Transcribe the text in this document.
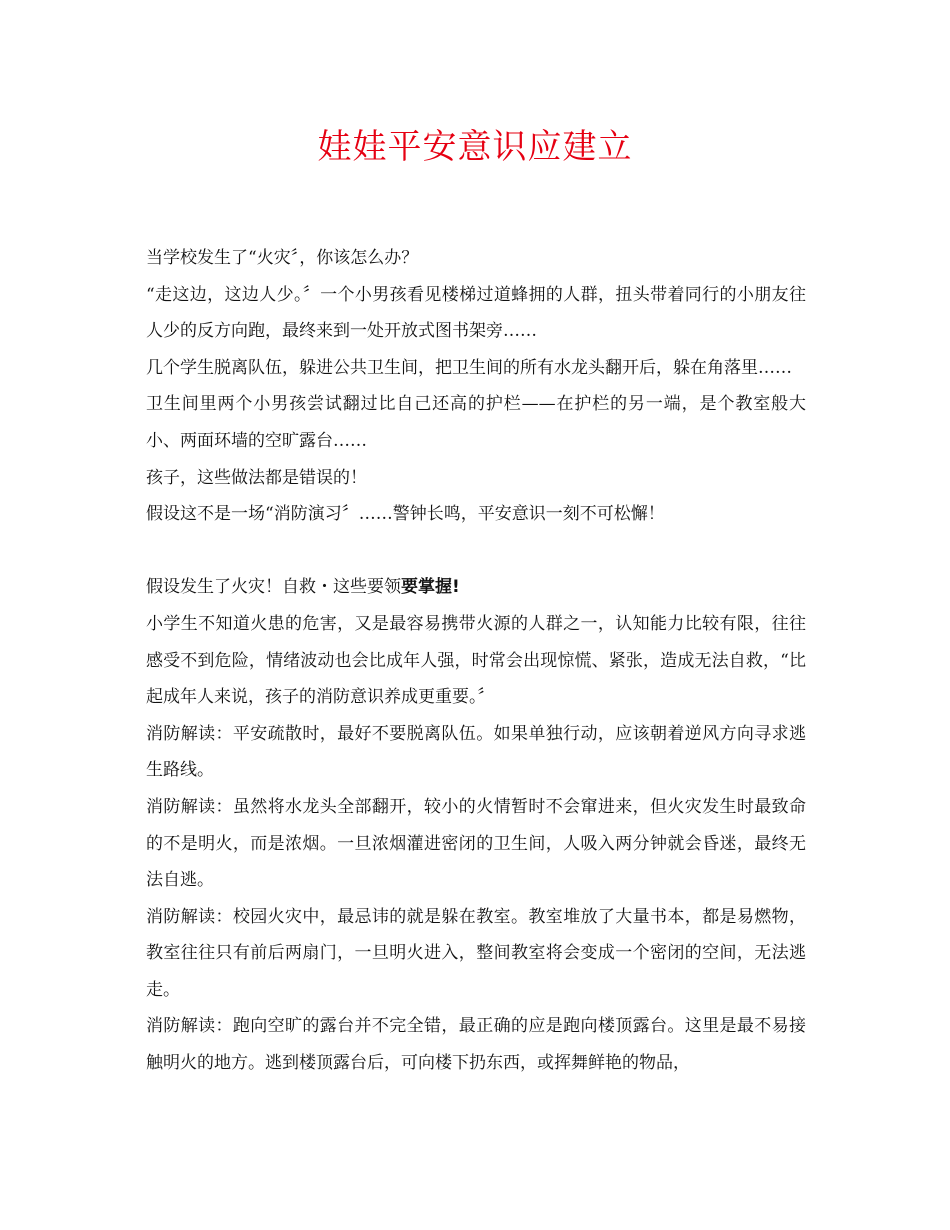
娃娃平安意识应建立

当学校发生了“火灾〞，你该怎么办？

“走这边，这边人少。〞一个小男孩看见楼梯过道蜂拥的人群，扭头带着同行的小朋友往人少的反方向跑，最终来到一处开放式图书架旁……

几个学生脱离队伍，躲进公共卫生间，把卫生间的所有水龙头翻开后，躲在角落里……

卫生间里两个小男孩尝试翻过比自己还高的护栏——在护栏的另一端，是个教室般大小、两面环墙的空旷露台……

孩子，这些做法都是错误的！

假设这不是一场“消防演习〞……警钟长鸣，平安意识一刻不可松懈！

假设发生了火灾！自救・这些要领要掌握!

小学生不知道火患的危害，又是最容易携带火源的人群之一，认知能力比较有限，往往感受不到危险，情绪波动也会比成年人强，时常会出现惊慌、紧张，造成无法自救，“比起成年人来说，孩子的消防意识养成更重要。〞

消防解读：平安疏散时，最好不要脱离队伍。如果单独行动，应该朝着逆风方向寻求逃生路线。

消防解读：虽然将水龙头全部翻开，较小的火情暂时不会窜进来，但火灾发生时最致命的不是明火，而是浓烟。一旦浓烟灌进密闭的卫生间，人吸入两分钟就会昏迷，最终无法自逃。

消防解读：校园火灾中，最忌讳的就是躲在教室。教室堆放了大量书本，都是易燃物，教室往往只有前后两扇门，一旦明火进入，整间教室将会变成一个密闭的空间，无法逃走。

消防解读：跑向空旷的露台并不完全错，最正确的应是跑向楼顶露台。这里是最不易接触明火的地方。逃到楼顶露台后，可向楼下扔东西，或挥舞鲜艳的物品，
